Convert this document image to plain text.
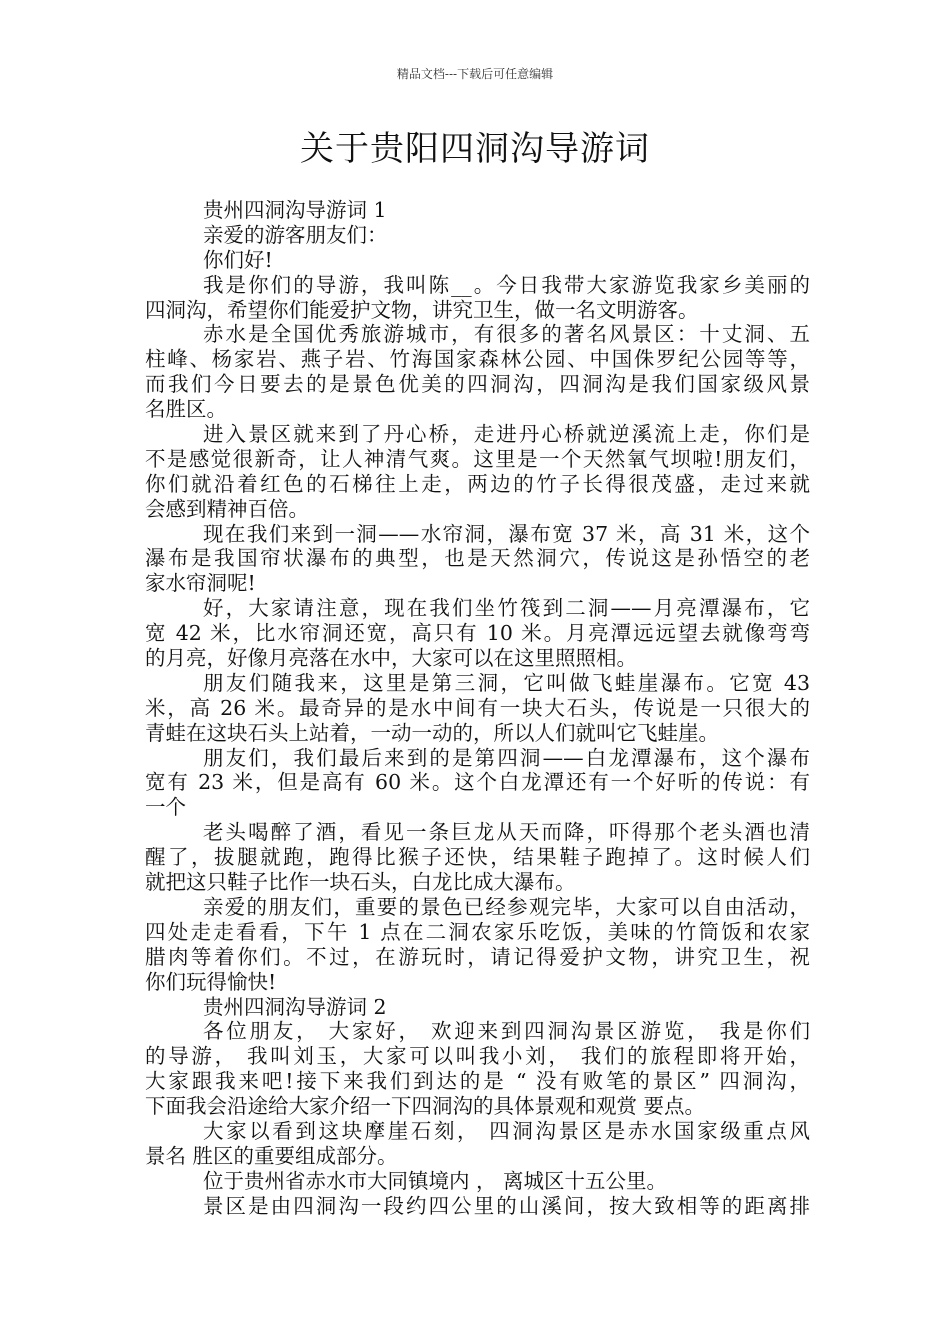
精品文档---下载后可任意编辑
关于贵阳四洞沟导游词
贵州四洞沟导游词 1
亲爱的游客朋友们：
你们好!
我是你们的导游，我叫陈__。今日我带大家游览我家乡美丽的
四洞沟，希望你们能爱护文物，讲究卫生，做一名文明游客。
赤水是全国优秀旅游城市，有很多的著名风景区：十丈洞、五
柱峰、杨家岩、燕子岩、竹海国家森林公园、中国侏罗纪公园等等，
而我们今日要去的是景色优美的四洞沟，四洞沟是我们国家级风景
名胜区。
进入景区就来到了丹心桥，走进丹心桥就逆溪流上走，你们是
不是感觉很新奇，让人神清气爽。这里是一个天然氧气坝啦!朋友们，
你们就沿着红色的石梯往上走，两边的竹子长得很茂盛，走过来就
会感到精神百倍。
现在我们来到一洞——水帘洞，瀑布宽 37 米，高 31 米，这个
瀑布是我国帘状瀑布的典型，也是天然洞穴，传说这是孙悟空的老
家水帘洞呢!
好，大家请注意，现在我们坐竹筏到二洞——月亮潭瀑布，它
宽 42 米，比水帘洞还宽，高只有 10 米。月亮潭远远望去就像弯弯
的月亮，好像月亮落在水中，大家可以在这里照照相。
朋友们随我来，这里是第三洞，它叫做飞蛙崖瀑布。它宽 43
米，高 26 米。最奇异的是水中间有一块大石头，传说是一只很大的
青蛙在这块石头上站着，一动一动的，所以人们就叫它飞蛙崖。
朋友们，我们最后来到的是第四洞——白龙潭瀑布，这个瀑布
宽有 23 米，但是高有 60 米。这个白龙潭还有一个好听的传说：有
一个
老头喝醉了酒，看见一条巨龙从天而降，吓得那个老头酒也清
醒了，拔腿就跑，跑得比猴子还快，结果鞋子跑掉了。这时候人们
就把这只鞋子比作一块石头，白龙比成大瀑布。
亲爱的朋友们，重要的景色已经参观完毕，大家可以自由活动，
四处走走看看，下午 1 点在二洞农家乐吃饭，美味的竹筒饭和农家
腊肉等着你们。不过，在游玩时，请记得爱护文物，讲究卫生，祝
你们玩得愉快!
贵州四洞沟导游词 2
各位朋友， 大家好， 欢迎来到四洞沟景区游览， 我是你们
的导游， 我叫刘玉，大家可以叫我小刘， 我们的旅程即将开始，
大家跟我来吧!接下来我们到达的是 “ 没有败笔的景区” 四洞沟，
下面我会沿途给大家介绍一下四洞沟的具体景观和观赏 要点。
大家以看到这块摩崖石刻， 四洞沟景区是赤水国家级重点风
景名 胜区的重要组成部分。
位于贵州省赤水市大同镇境内 ， 离城区十五公里。
景区是由四洞沟一段约四公里的山溪间，按大致相等的距离排
